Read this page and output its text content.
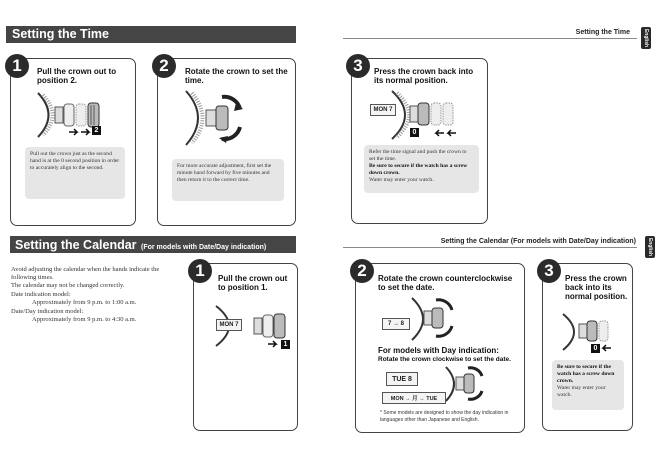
Setting the Time
1	Pull the crown out to position 2.
2
Pull out the crown just as the second hand is at the 0 second position in order to accurately align to the second.
2	Rotate the crown to set the time.
For more accurate adjustment, first set the minute hand forward by five minutes and then return it to the correct time.
Setting the Calendar (For models with Date/Day indication)
Avoid adjusting the calendar when the hands indicate the following times.
The calendar may not be changed correctly.
Date indication model:
Approximately from 9 p.m. to 1:00 a.m.
Date/Day indication model:
Approximately from 9 p.m. to 4:30 a.m.
1	Pull the crown out to position 1.
MON 7
1
Setting the Time	English
3	Press the crown back into its normal position.
MON 7
0
Refer the time signal and push the crown to set the time.
Be sure to secure if the watch has a screw down crown.
Water may enter your watch.
Setting the Calendar (For models with Date/Day indication) English
2	Rotate the crown counterclockwise to set the date.
7 → 8
For models with Day indication:
Rotate the crown clockwise to set the date.
TUE 8
MON → 月 → TUE
* Some models are designed to show the day indication in languages other than Japanese and English.
3	Press the crown back into its normal position.
0
Be sure to secure if the watch has a screw down crown.
Water may enter your watch.
